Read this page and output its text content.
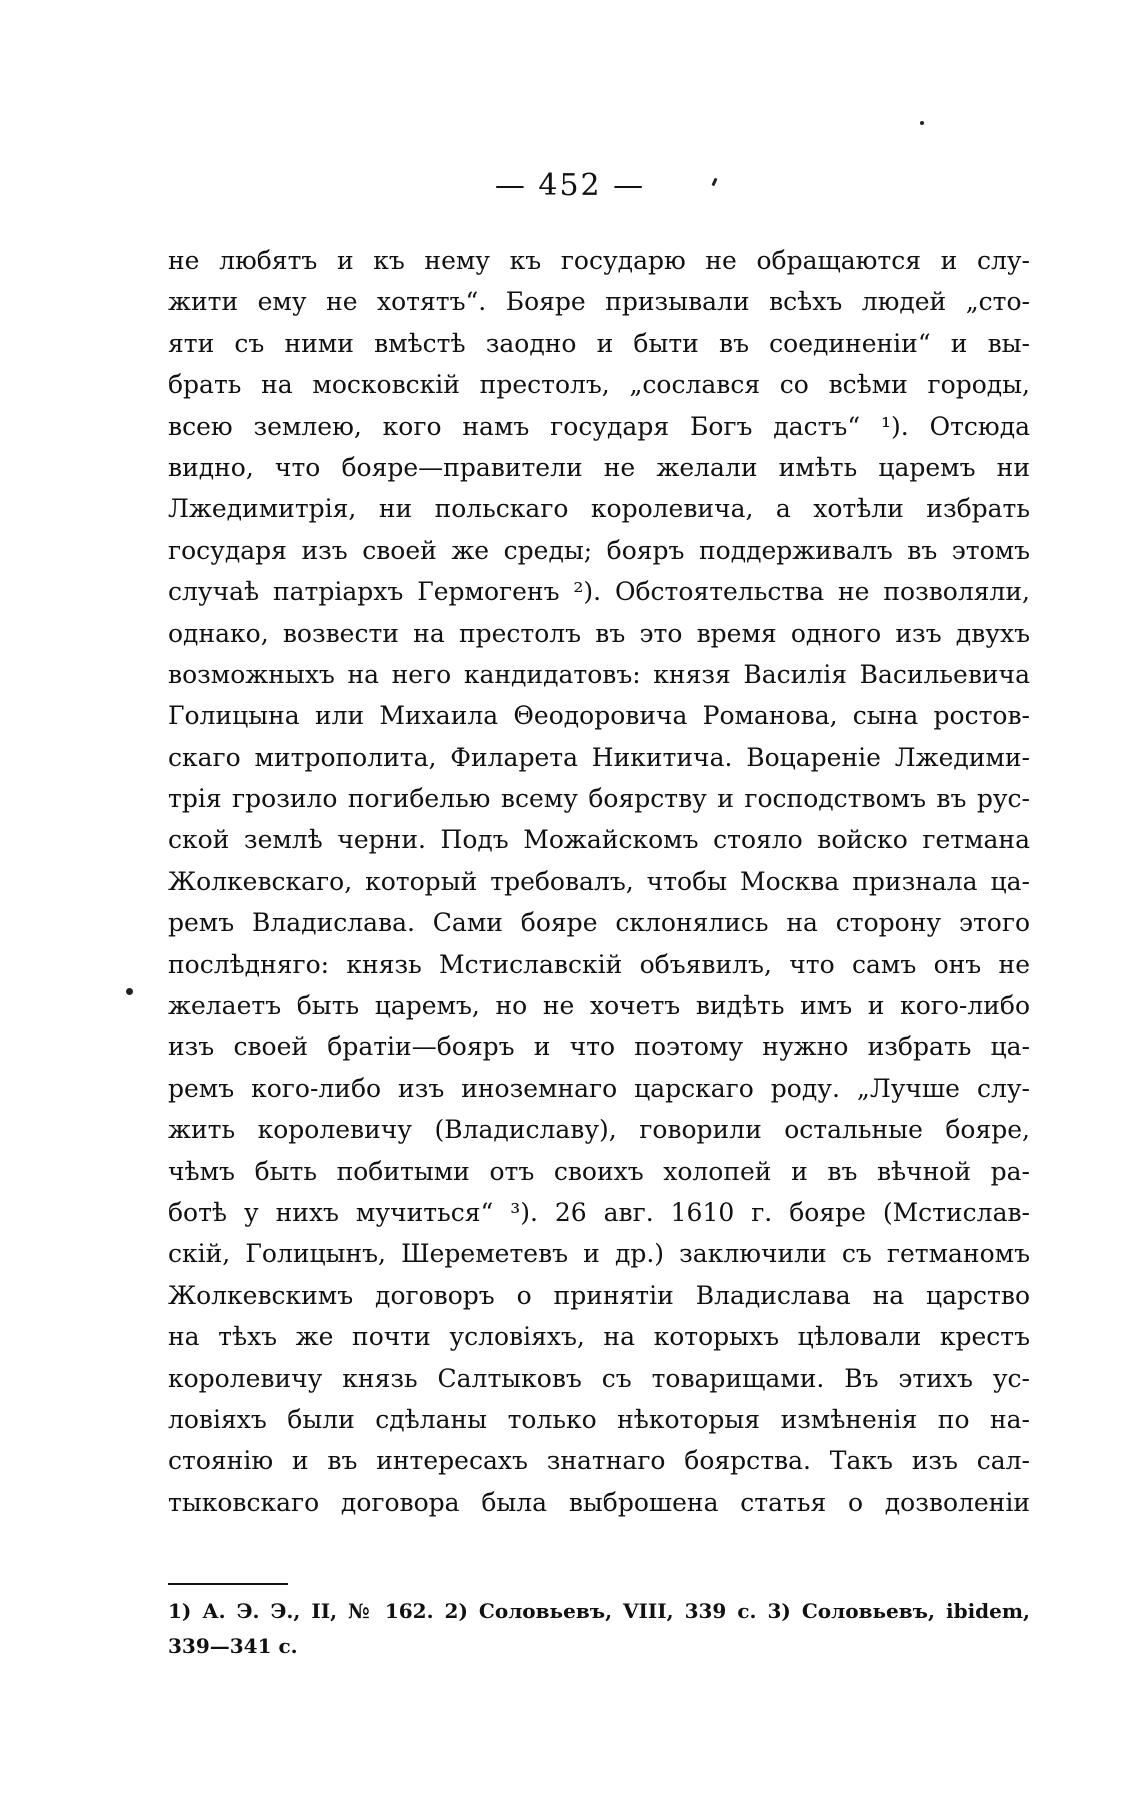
— 452 —
не любятъ и къ нему къ государю не обращаются и слу-
жити ему не хотятъ“. Бояре призывали всѣхъ людей „сто-
яти съ ними вмѣстѣ заодно и быти въ соединенiи“ и вы-
брать на московскiй престолъ, „сослався со всѣми городы,
всею землею, кого намъ государя Богъ дастъ“ ¹). Отсюда
видно, что бояре—правители не желали имѣть царемъ ни
Лжедимитрiя, ни польскаго королевича, а хотѣли избрать
государя изъ своей же среды; бояръ поддерживалъ въ этомъ
случаѣ патрiархъ Гермогенъ ²). Обстоятельства не позволяли,
однако, возвести на престолъ въ это время одного изъ двухъ
возможныхъ на него кандидатовъ: князя Василiя Васильевича
Голицына или Михаила Θеодоровича Романова, сына ростов-
скаго митрополита, Филарета Никитича. Воцаренiе Лжедими-
трiя грозило погибелью всему боярству и господствомъ въ рус-
ской землѣ черни. Подъ Можайскомъ стояло войско гетмана
Жолкевскаго, который требовалъ, чтобы Москва признала ца-
ремъ Владислава. Сами бояре склонялись на сторону этого
послѣдняго: князь Мстиславскiй объявилъ, что самъ онъ не
желаетъ быть царемъ, но не хочетъ видѣть имъ и кого-либо
изъ своей братiи—бояръ и что поэтому нужно избрать ца-
ремъ кого-либо изъ иноземнаго царскаго роду. „Лучше слу-
жить королевичу (Владиславу), говорили остальные бояре,
чѣмъ быть побитыми отъ своихъ холопей и въ вѣчной ра-
ботѣ у нихъ мучиться“ ³). 26 авг. 1610 г. бояре (Мстислав-
скiй, Голицынъ, Шереметевъ и др.) заключили съ гетманомъ
Жолкевскимъ договоръ о принятiи Владислава на царство
на тѣхъ же почти условiяхъ, на которыхъ цѣловали крестъ
королевичу князь Салтыковъ съ товарищами. Въ этихъ ус-
ловiяхъ были сдѣланы только нѣкоторыя измѣненiя по на-
стоянiю и въ интересахъ знатнаго боярства. Такъ изъ сал-
тыковскаго договора была выброшена статья о дозволенiи
1) А. Э. Э., II, № 162. 2) Соловьевъ, VIII, 339 с. 3) Соловьевъ, ibidem,
339—341 с.
